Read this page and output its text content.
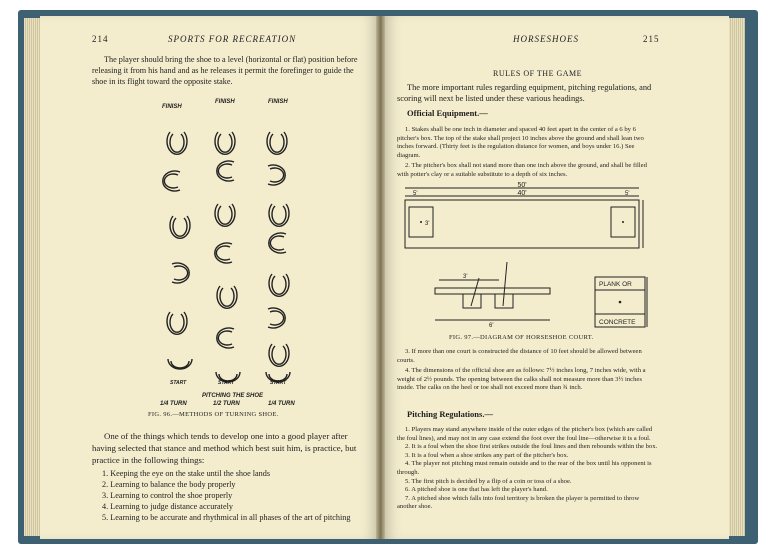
214	SPORTS FOR RECREATION
The player should bring the shoe to a level (horizontal or flat) position before releasing it from his hand and as he releases it permit the forefinger to guide the shoe in its flight toward the opposite stake.
FINISH
FINISH	FINISH
START	START	START
PITCHING THE SHOE
1/4 TURN	1/2 TURN	1/4 TURN
FIG. 96.—METHODS OF TURNING SHOE.
One of the things which tends to develop one into a good player after having selected that stance and method which best suit him, is practice, but practice in the following things:
1. Keeping the eye on the stake until the shoe lands
2. Learning to balance the body properly
3. Learning to control the shoe properly
4. Learning to judge distance accurately
5. Learning to be accurate and rhythmical in all phases of the art of pitching
HORSESHOES	215
RULES OF THE GAME
The more important rules regarding equipment, pitching regulations, and scoring will next be listed under these various headings.
Official Equipment.—
1. Stakes shall be one inch in diameter and spaced 40 feet apart in the center of a 6 by 6 pitcher's box. The top of the stake shall project 10 inches above the ground and shall lean two inches forward. (Thirty feet is the regulation distance for women, and boys under 16.) See diagram.
2. The pitcher's box shall not stand more than one inch above the ground, and shall be filled with potter's clay or a suitable substitute to a depth of six inches.
50'
40'
5'	5'
3'
3'
6'
PLANK OR
CONCRETE
FIG. 97.—DIAGRAM OF HORSESHOE COURT.
3. If more than one court is constructed the distance of 10 feet should be allowed between courts.
4. The dimensions of the official shoe are as follows: 7½ inches long, 7 inches wide, with a weight of 2½ pounds. The opening between the calks shall not measure more than 3½ inches inside. The calks on the heel or toe shall not exceed more than ¾ inch.
Pitching Regulations.—
1. Players may stand anywhere inside of the outer edges of the pitcher's box (which are called the foul lines), and may not in any case extend the foot over the foul line—otherwise it is a foul.
2. It is a foul when the shoe first strikes outside the foul lines and then rebounds within the box.
3. It is a foul when a shoe strikes any part of the pitcher's box.
4. The player not pitching must remain outside and to the rear of the box until his opponent is through.
5. The first pitch is decided by a flip of a coin or toss of a shoe.
6. A pitched shoe is one that has left the player's hand.
7. A pitched shoe which falls into foul territory is broken the player is permitted to throw another shoe.
